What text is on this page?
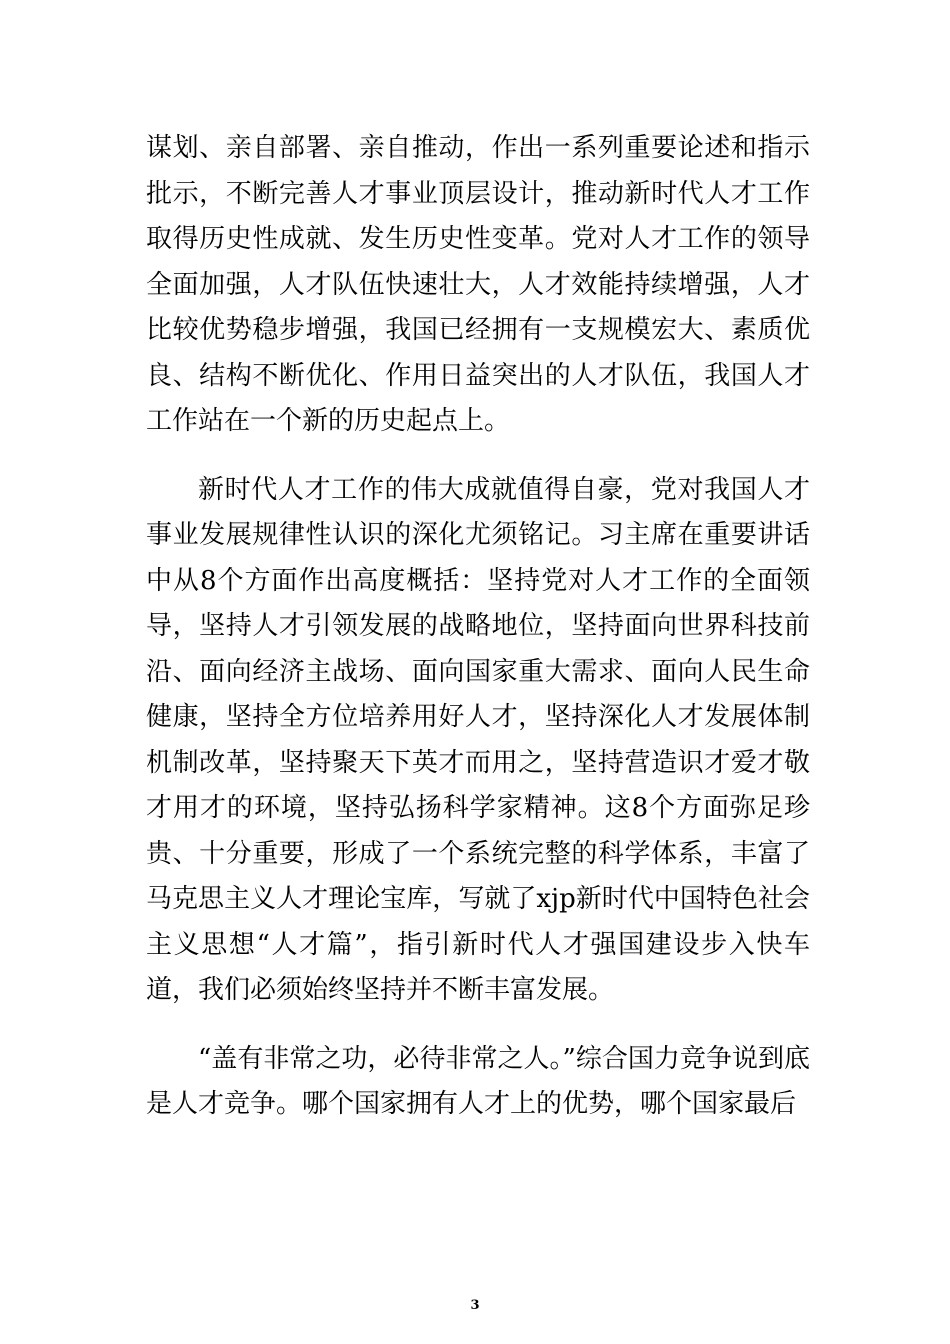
谋划、亲自部署、亲自推动，作出一系列重要论述和指示批示，不断完善人才事业顶层设计，推动新时代人才工作取得历史性成就、发生历史性变革。党对人才工作的领导全面加强，人才队伍快速壮大，人才效能持续增强，人才比较优势稳步增强，我国已经拥有一支规模宏大、素质优良、结构不断优化、作用日益突出的人才队伍，我国人才工作站在一个新的历史起点上。

新时代人才工作的伟大成就值得自豪，党对我国人才事业发展规律性认识的深化尤须铭记。习主席在重要讲话中从8个方面作出高度概括：坚持党对人才工作的全面领导，坚持人才引领发展的战略地位，坚持面向世界科技前沿、面向经济主战场、面向国家重大需求、面向人民生命健康，坚持全方位培养用好人才，坚持深化人才发展体制机制改革，坚持聚天下英才而用之，坚持营造识才爱才敬才用才的环境，坚持弘扬科学家精神。这8个方面弥足珍贵、十分重要，形成了一个系统完整的科学体系，丰富了马克思主义人才理论宝库，写就了xjp新时代中国特色社会主义思想“人才篇”，指引新时代人才强国建设步入快车道，我们必须始终坚持并不断丰富发展。

“盖有非常之功，必待非常之人。”综合国力竞争说到底是人才竞争。哪个国家拥有人才上的优势，哪个国家最后

3
